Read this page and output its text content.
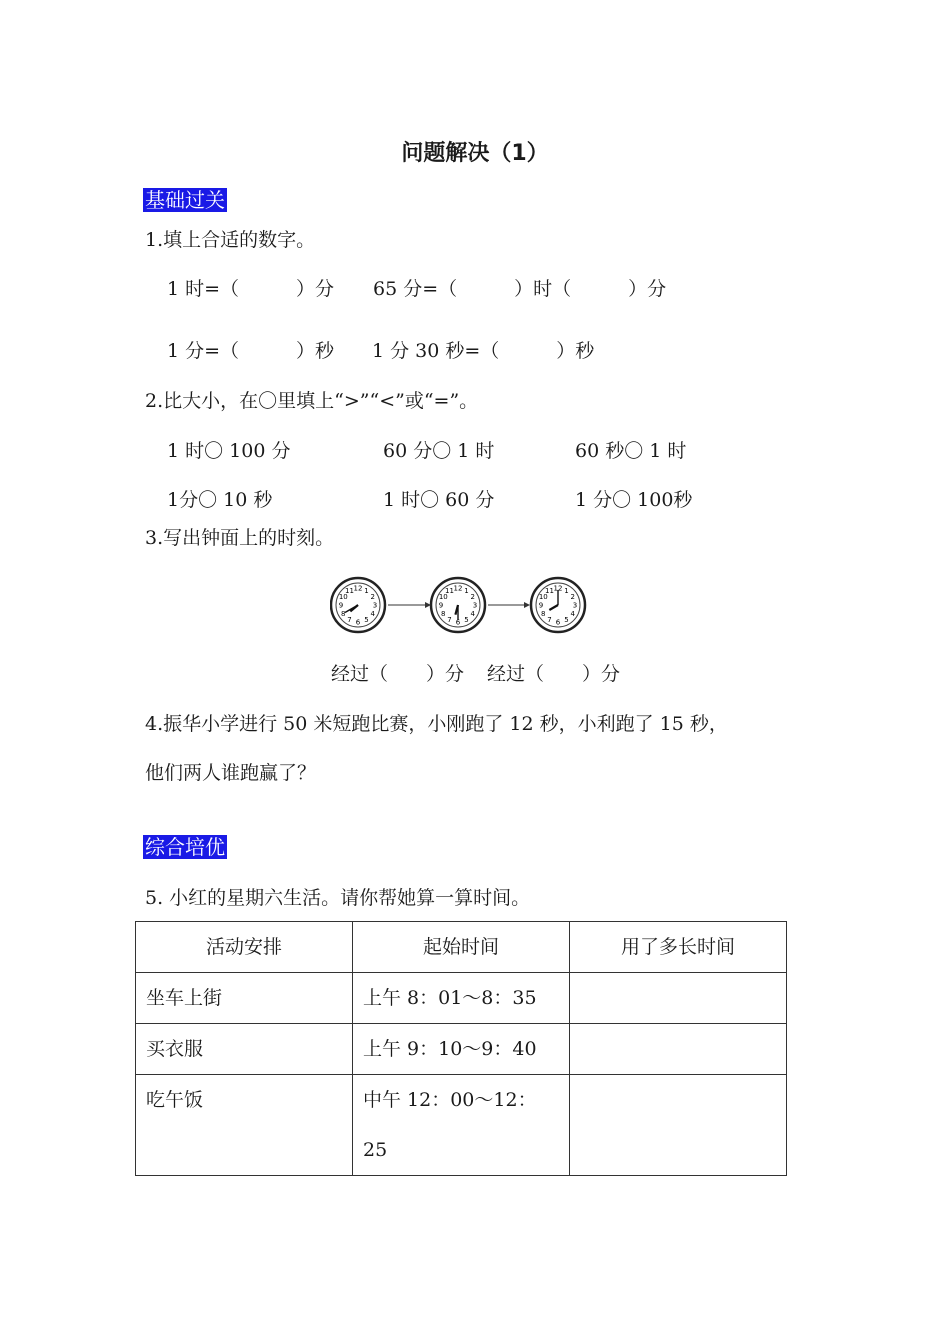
问题解决（1）
基础过关
1.填上合适的数字。
1 时=（　　　）分 65 分=（　　　）时（　　　）分
1 分=（　　　）秒 1 分 30 秒=（　　　）秒
2.比大小，在〇里填上“>”“<”或“=”。
1 时〇 100 分	60 分〇 1 时	60 秒〇 1 时
1分〇 10 秒	1 时〇 60 分	1 分〇 100秒
3.写出钟面上的时刻。
1
2
3
4
5
6
7
8
9
10
11 12	1
2
3
4
5
6
7
8
9
10
11 12	1
2
3
4
5
6
7
8
9
10
11 12
经过（　　）分 经过（　　）分
4.振华小学进行 50 米短跑比赛，小刚跑了 12 秒，小利跑了 15 秒，
他们两人谁跑赢了？
综合培优
5. 小红的星期六生活。请你帮她算一算时间。
活动安排	起始时间	用了多长时间
坐车上街	上午 8：01～8：35	
买衣服	上午 9：10～9：40	
吃午饭	中午 12：00～12：
25	
